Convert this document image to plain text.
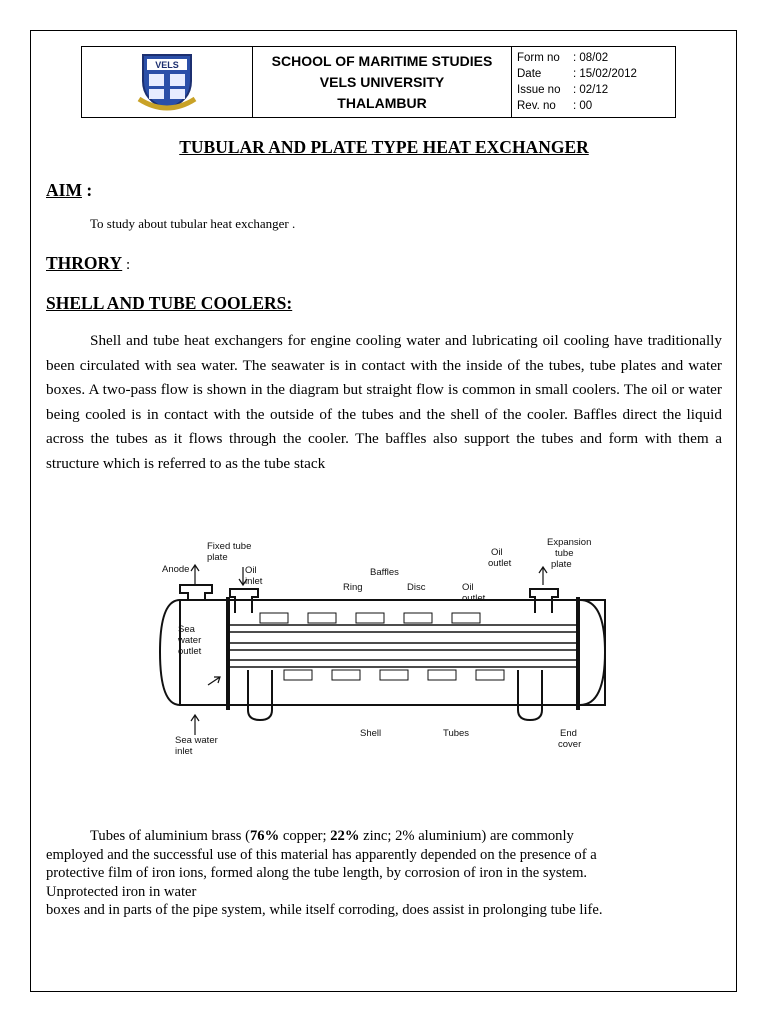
VELS	SCHOOL OF MARITIME STUDIES
VELS UNIVERSITY
THALAMBUR
Form no	: 08/02
Date	: 15/02/2012
Issue no	: 02/12
Rev. no	: 00
TUBULAR AND PLATE TYPE HEAT EXCHANGER
AIM :
To study about tubular heat exchanger .
THRORY :
SHELL AND TUBE COOLERS:
Shell and tube heat exchangers for engine cooling water and lubricating oil cooling have traditionally been circulated with sea water. The seawater is in contact with the inside of the tubes, tube plates and water boxes. A two-pass flow is shown in the diagram but straight flow is common in small coolers. The oil or water being cooled is in contact with the outside of the tubes and the shell of the cooler. Baffles direct the liquid across the tubes as it flows through the cooler. The baffles also support the tubes and form with them a structure which is referred to as the tube stack
Fixed tube
plate
Anode	Oil
inlet
Baffles
Ring	Disc	Oil
outlet
Oil
outlet
Expansion
tube
plate
Sea
water
outlet
Sea water
inlet
Shell	Tubes	End
cover
Tubes of aluminium brass (76% copper; 22% zinc; 2% aluminium) are commonly
employed and the successful use of this material has apparently depended on the presence of a
protective film of iron ions, formed along the tube length, by corrosion of iron in the system.
Unprotected iron in water
boxes and in parts of the pipe system, while itself corroding, does assist in prolonging tube life.
